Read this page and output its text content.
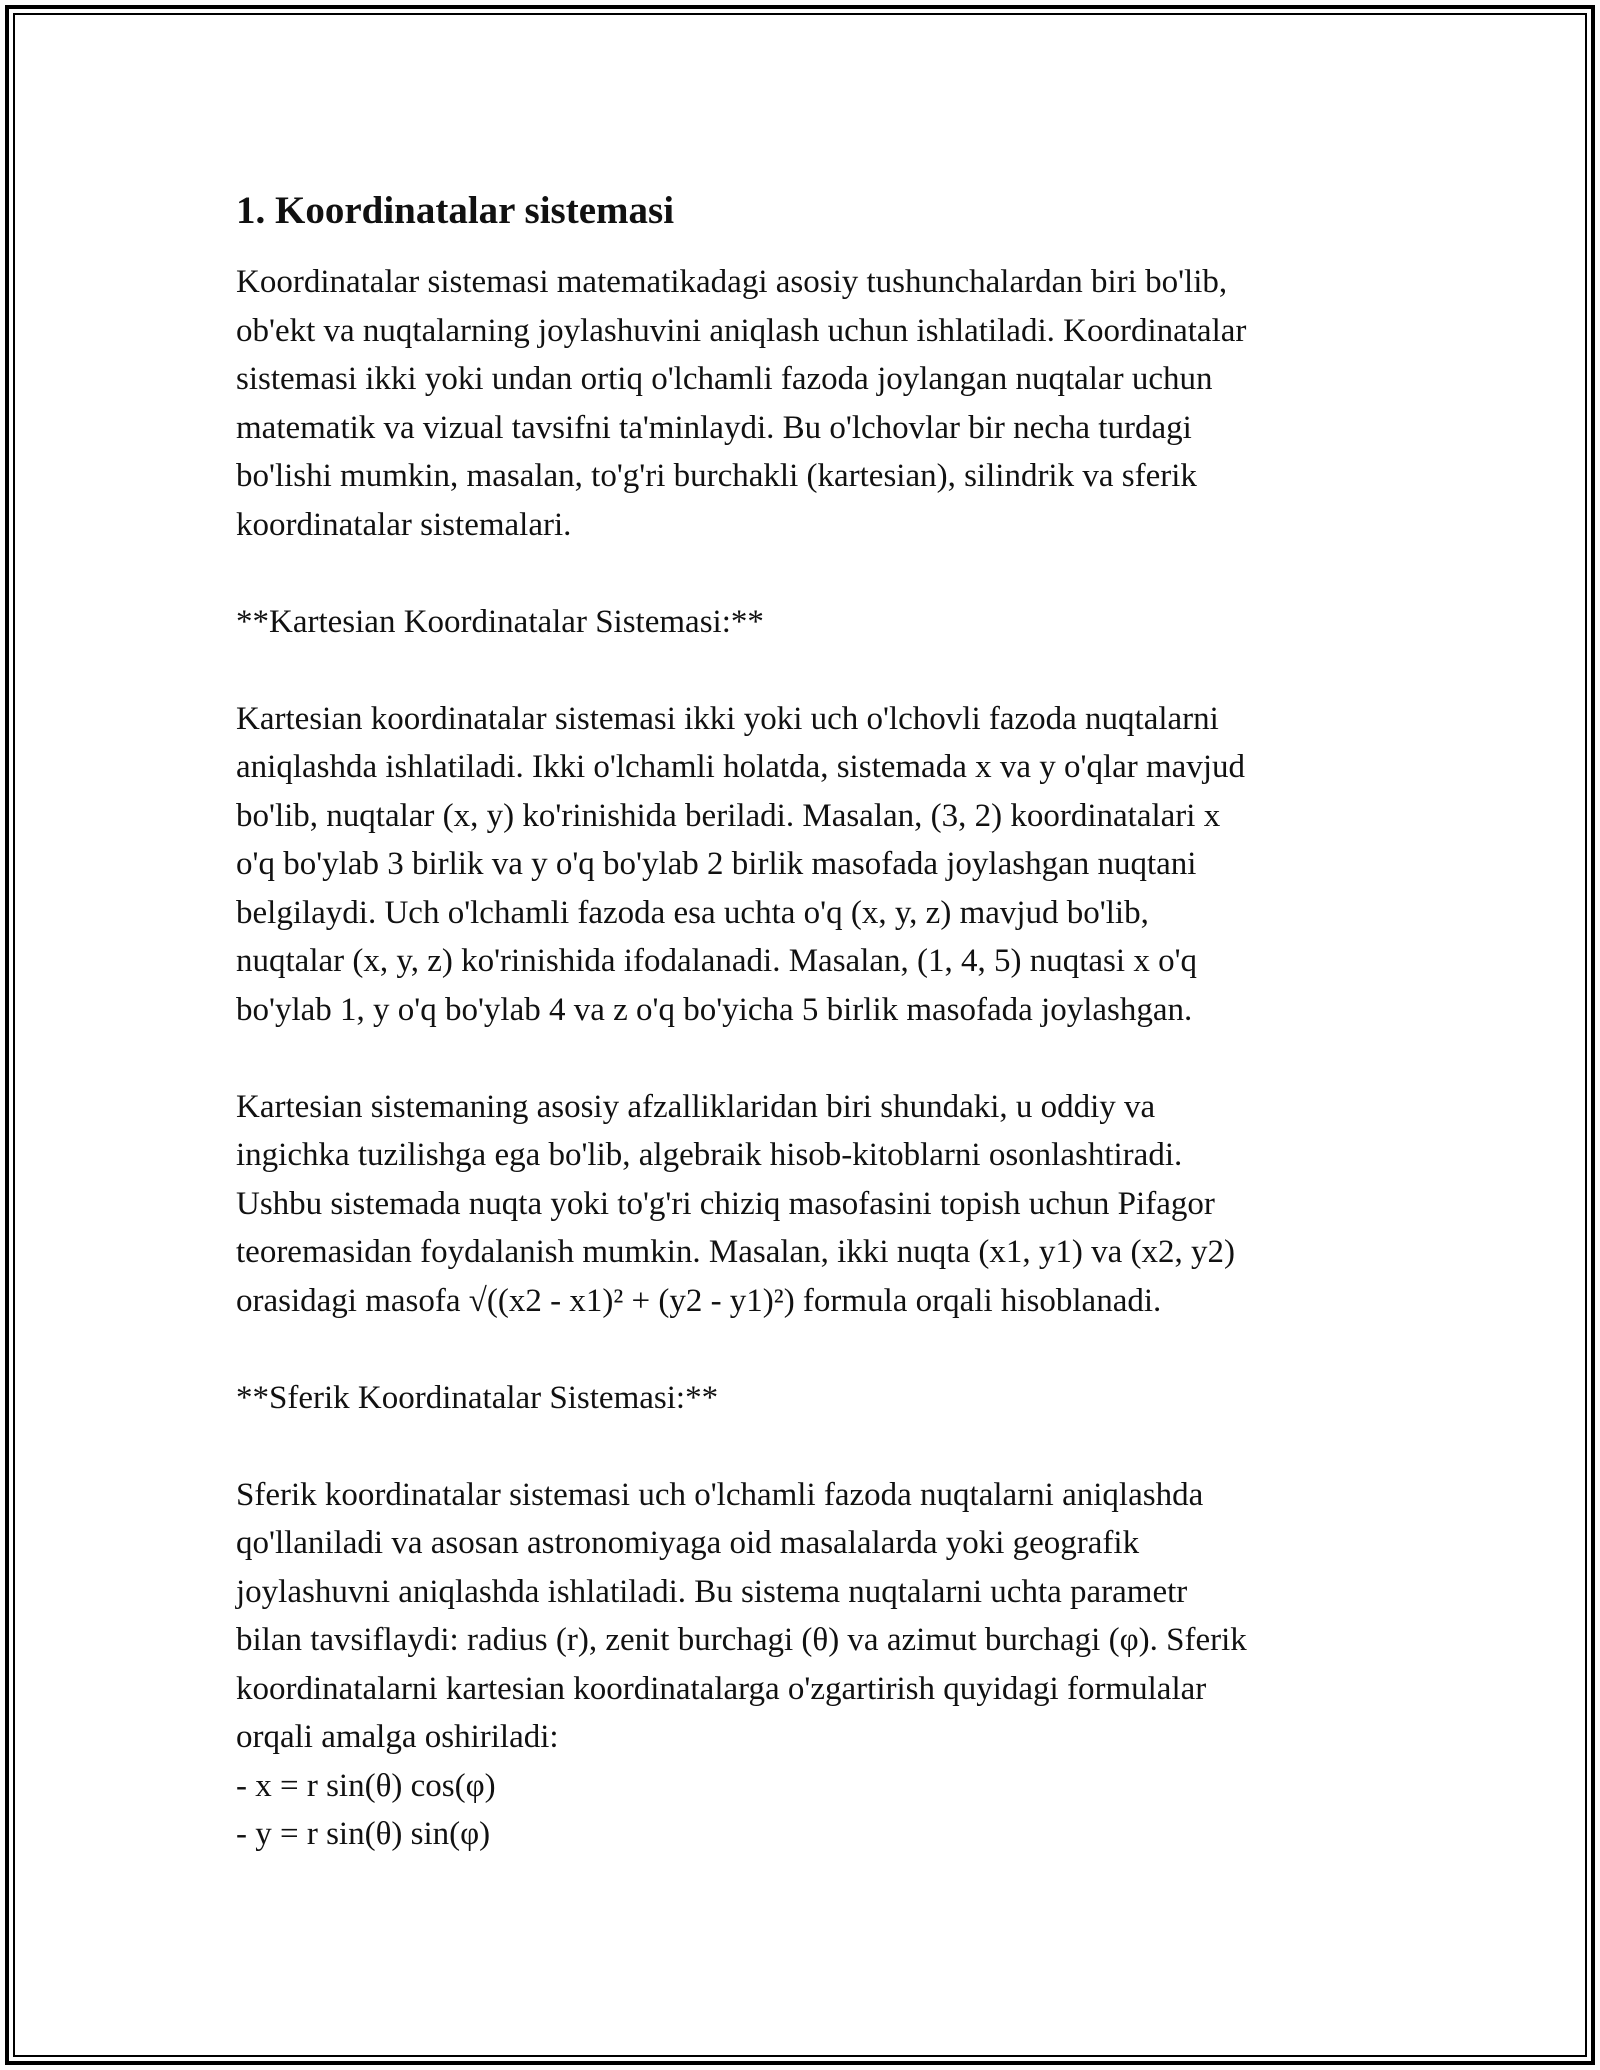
1. Koordinatalar sistemasi

Koordinatalar sistemasi matematikadagi asosiy tushunchalardan biri bo'lib,
ob'ekt va nuqtalarning joylashuvini aniqlash uchun ishlatiladi. Koordinatalar
sistemasi ikki yoki undan ortiq o'lchamli fazoda joylangan nuqtalar uchun
matematik va vizual tavsifni ta'minlaydi. Bu o'lchovlar bir necha turdagi
bo'lishi mumkin, masalan, to'g'ri burchakli (kartesian), silindrik va sferik
koordinatalar sistemalari.

**Kartesian Koordinatalar Sistemasi:**

Kartesian koordinatalar sistemasi ikki yoki uch o'lchovli fazoda nuqtalarni
aniqlashda ishlatiladi. Ikki o'lchamli holatda, sistemada x va y o'qlar mavjud
bo'lib, nuqtalar (x, y) ko'rinishida beriladi. Masalan, (3, 2) koordinatalari x
o'q bo'ylab 3 birlik va y o'q bo'ylab 2 birlik masofada joylashgan nuqtani
belgilaydi. Uch o'lchamli fazoda esa uchta o'q (x, y, z) mavjud bo'lib,
nuqtalar (x, y, z) ko'rinishida ifodalanadi. Masalan, (1, 4, 5) nuqtasi x o'q
bo'ylab 1, y o'q bo'ylab 4 va z o'q bo'yicha 5 birlik masofada joylashgan.

Kartesian sistemaning asosiy afzalliklaridan biri shundaki, u oddiy va
ingichka tuzilishga ega bo'lib, algebraik hisob-kitoblarni osonlashtiradi.
Ushbu sistemada nuqta yoki to'g'ri chiziq masofasini topish uchun Pifagor
teoremasidan foydalanish mumkin. Masalan, ikki nuqta (x1, y1) va (x2, y2)
orasidagi masofa √((x2 - x1)² + (y2 - y1)²) formula orqali hisoblanadi.

**Sferik Koordinatalar Sistemasi:**

Sferik koordinatalar sistemasi uch o'lchamli fazoda nuqtalarni aniqlashda
qo'llaniladi va asosan astronomiyaga oid masalalarda yoki geografik
joylashuvni aniqlashda ishlatiladi. Bu sistema nuqtalarni uchta parametr
bilan tavsiflaydi: radius (r), zenit burchagi (θ) va azimut burchagi (φ). Sferik
koordinatalarni kartesian koordinatalarga o'zgartirish quyidagi formulalar
orqali amalga oshiriladi:
- x = r sin(θ) cos(φ)
- y = r sin(θ) sin(φ)
